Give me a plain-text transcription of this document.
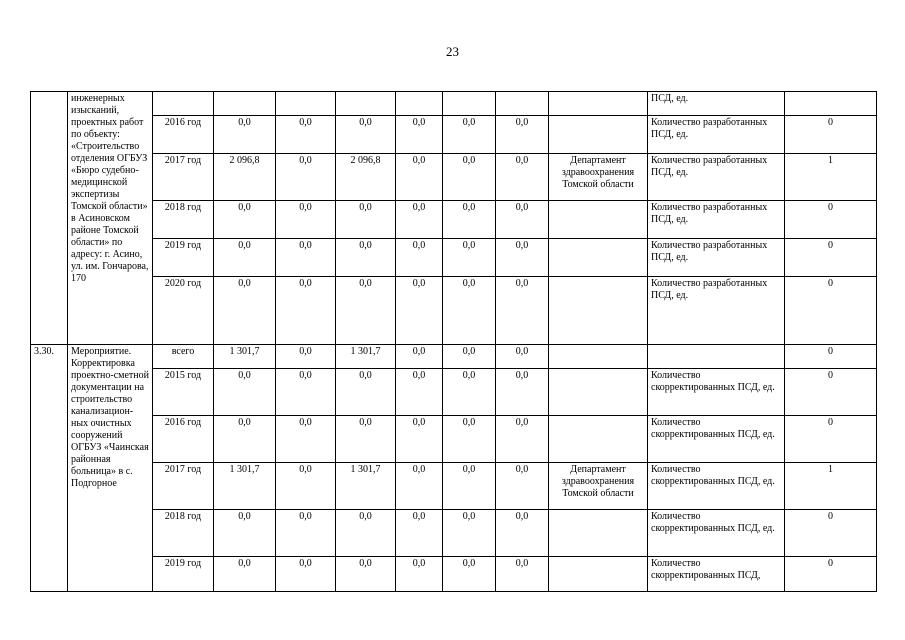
23
	инженерных изысканий, проектных работ по объекту: «Строительство отделения ОГБУЗ «Бюро судебно-медицинской экспертизы Томской области» в Асиновском районе Томской области» по адресу: г. Асино, ул. им. Гончарова, 170									ПСД, ед.	
		2016 год	0,0	0,0	0,0	0,0	0,0	0,0		Количество разработанных ПСД, ед.	0
		2017 год	2 096,8	0,0	2 096,8	0,0	0,0	0,0	Департамент здравоохранения Томской области	Количество разработанных ПСД, ед.	1
		2018 год	0,0	0,0	0,0	0,0	0,0	0,0		Количество разработанных ПСД, ед.	0
		2019 год	0,0	0,0	0,0	0,0	0,0	0,0		Количество разработанных ПСД, ед.	0
		2020 год	0,0	0,0	0,0	0,0	0,0	0,0		Количество разработанных ПСД, ед.	0
3.30.	Мероприятие. Корректировка проектно-сметной документации на строительство канализацион-ных очистных сооружений ОГБУЗ «Чаинская районная больница» в с. Подгорное	всего	1 301,7	0,0	1 301,7	0,0	0,0	0,0			0
		2015 год	0,0	0,0	0,0	0,0	0,0	0,0		Количество скорректированных ПСД, ед.	0
		2016 год	0,0	0,0	0,0	0,0	0,0	0,0		Количество скорректированных ПСД, ед.	0
		2017 год	1 301,7	0,0	1 301,7	0,0	0,0	0,0	Департамент здравоохранения Томской области	Количество скорректированных ПСД, ед.	1
		2018 год	0,0	0,0	0,0	0,0	0,0	0,0		Количество скорректированных ПСД, ед.	0
		2019 год	0,0	0,0	0,0	0,0	0,0	0,0		Количество скорректированных ПСД,	0
